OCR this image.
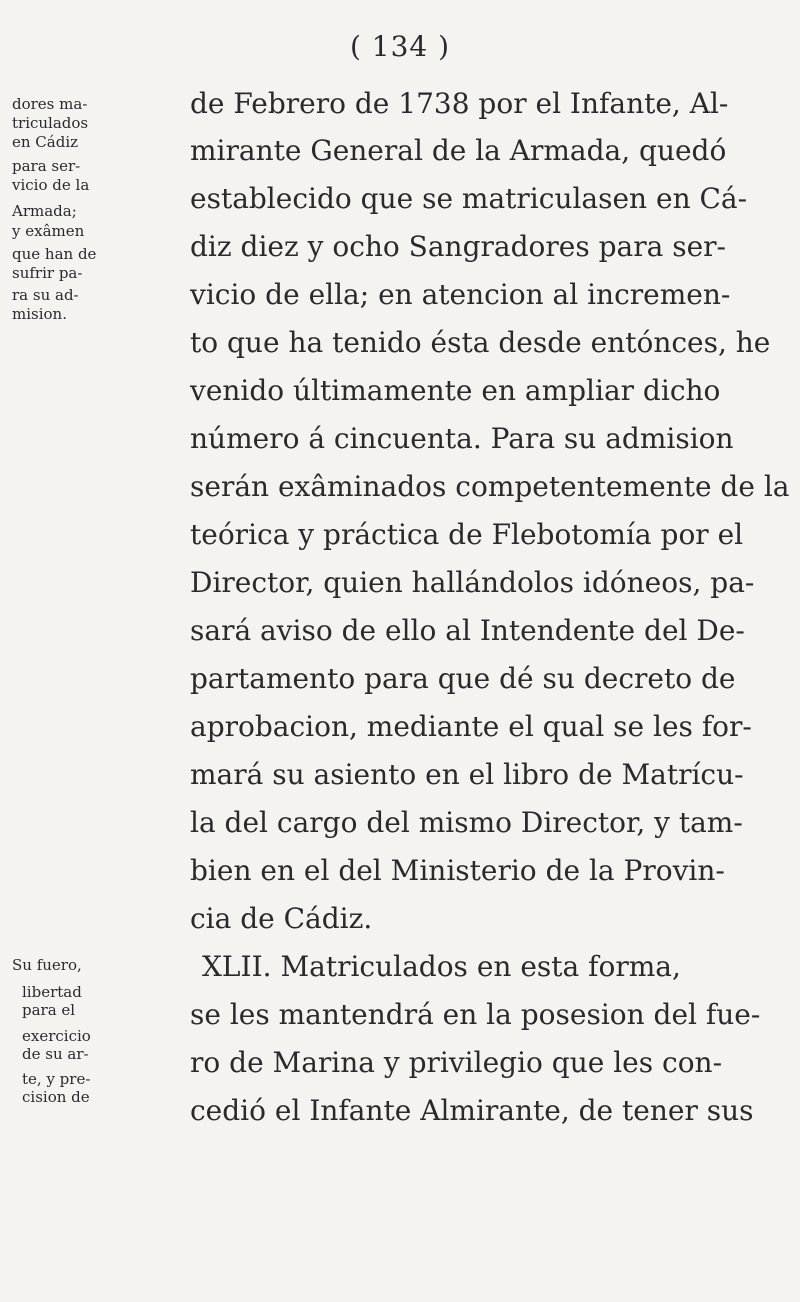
( 134 )
dores ma-
triculados
en Cádiz
para ser-
vicio de la
Armada;
y exâmen
que han de
sufrir pa-
ra su ad-
mision.
de Febrero de 1738 por el Infante, Al-
mirante General de la Armada, quedó
establecido que se matriculasen en Cá-
diz diez y ocho Sangradores para ser-
vicio de ella; en atencion al incremen-
to que ha tenido ésta desde entónces, he
venido últimamente en ampliar dicho
número á cincuenta. Para su admision
serán exâminados competentemente de la
teórica y práctica de Flebotomía por el
Director, quien hallándolos idóneos, pa-
sará aviso de ello al Intendente del De-
partamento para que dé su decreto de
aprobacion, mediante el qual se les for-
mará su asiento en el libro de Matrícu-
la del cargo del mismo Director, y tam-
bien en el del Ministerio de la Provin-
cia de Cádiz.
Su fuero,
libertad
para el
exercicio
de su ar-
te, y pre-
cision de
XLII. Matriculados en esta forma,
se les mantendrá en la posesion del fue-
ro de Marina y privilegio que les con-
cedió el Infante Almirante, de tener sus
